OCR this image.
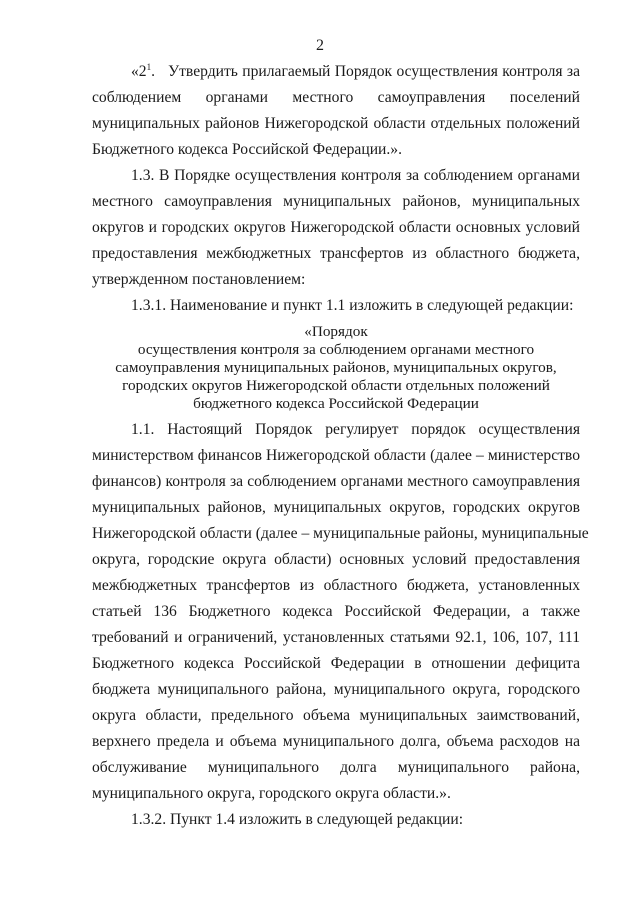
2
«$2^1$. Утвердить прилагаемый Порядок осуществления контроля за
соблюдением органами местного самоуправления поселений
муниципальных районов Нижегородской области отдельных положений
Бюджетного кодекса Российской Федерации.».
1.3. В Порядке осуществления контроля за соблюдением органами
местного самоуправления муниципальных районов, муниципальных
округов и городских округов Нижегородской области основных условий
предоставления межбюджетных трансфертов из областного бюджета,
утвержденном постановлением:
1.3.1. Наименование и пункт 1.1 изложить в следующей редакции:
«Порядок
осуществления контроля за соблюдением органами местного
самоуправления муниципальных районов, муниципальных округов,
городских округов Нижегородской области отдельных положений
бюджетного кодекса Российской Федерации
1.1. Настоящий Порядок регулирует порядок осуществления
министерством финансов Нижегородской области (далее – министерство
финансов) контроля за соблюдением органами местного самоуправления
муниципальных районов, муниципальных округов, городских округов
Нижегородской области (далее – муниципальные районы, муниципальные
округа, городские округа области) основных условий предоставления
межбюджетных трансфертов из областного бюджета, установленных
статьей 136 Бюджетного кодекса Российской Федерации, а также
требований и ограничений, установленных статьями 92.1, 106, 107, 111
Бюджетного кодекса Российской Федерации в отношении дефицита
бюджета муниципального района, муниципального округа, городского
округа области, предельного объема муниципальных заимствований,
верхнего предела и объема муниципального долга, объема расходов на
обслуживание муниципального долга муниципального района,
муниципального округа, городского округа области.».
1.3.2. Пункт 1.4 изложить в следующей редакции:
